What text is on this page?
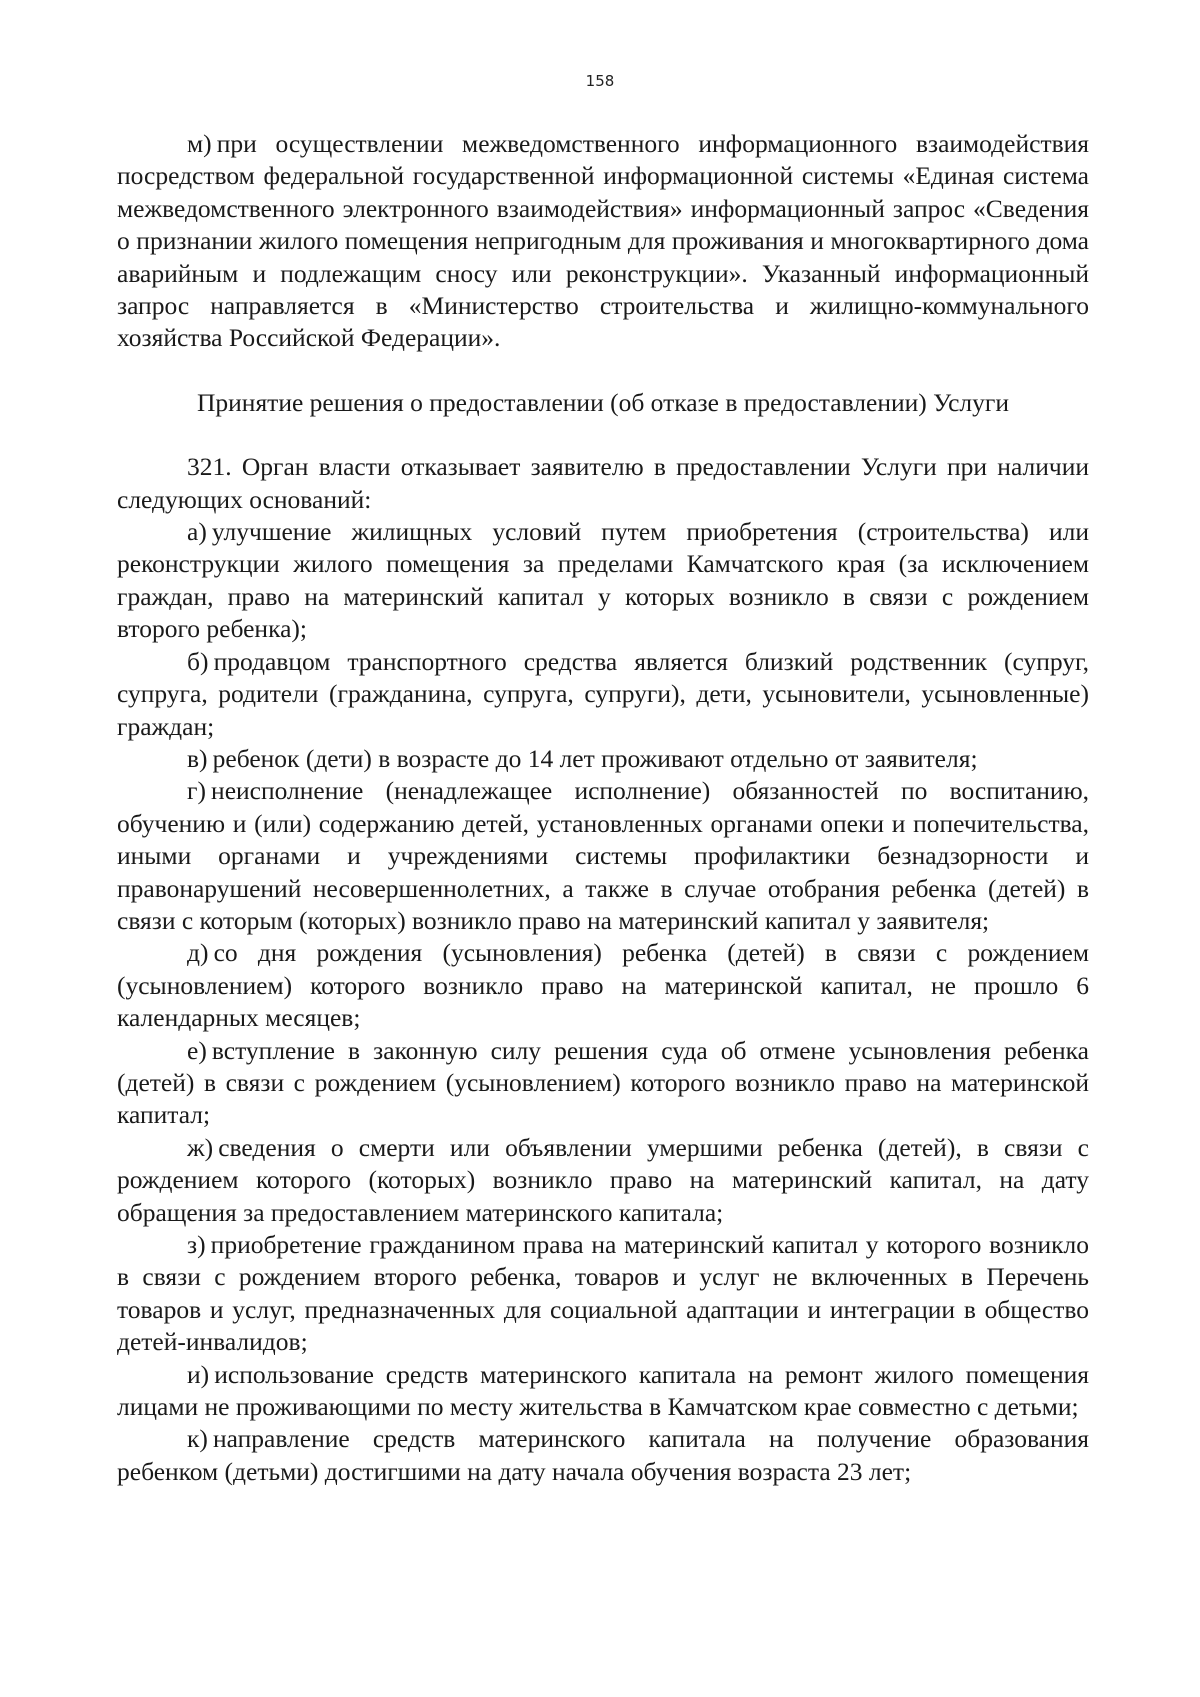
158

м) при осуществлении межведомственного информационного взаимодействия посредством федеральной государственной информационной системы «Единая система межведомственного электронного взаимодействия» информационный запрос «Сведения о признании жилого помещения непригодным для проживания и многоквартирного дома аварийным и подлежащим сносу или реконструкции». Указанный информационный запрос направляется в «Министерство строительства и жилищно-коммунального хозяйства Российской Федерации».

Принятие решения о предоставлении (об отказе в предоставлении) Услуги

321. Орган власти отказывает заявителю в предоставлении Услуги при наличии следующих оснований:

а) улучшение жилищных условий путем приобретения (строительства) или реконструкции жилого помещения за пределами Камчатского края (за исключением граждан, право на материнский капитал у которых возникло в связи с рождением второго ребенка);

б) продавцом транспортного средства является близкий родственник (супруг, супруга, родители (гражданина, супруга, супруги), дети, усыновители, усыновленные) граждан;

в) ребенок (дети) в возрасте до 14 лет проживают отдельно от заявителя;

г) неисполнение (ненадлежащее исполнение) обязанностей по воспитанию, обучению и (или) содержанию детей, установленных органами опеки и попечительства, иными органами и учреждениями системы профилактики безнадзорности и правонарушений несовершеннолетних, а также в случае отобрания ребенка (детей) в связи с которым (которых) возникло право на материнский капитал у заявителя;

д) со дня рождения (усыновления) ребенка (детей) в связи с рождением (усыновлением) которого возникло право на материнской капитал, не прошло 6 календарных месяцев;

е) вступление в законную силу решения суда об отмене усыновления ребенка (детей) в связи с рождением (усыновлением) которого возникло право на материнской капитал;

ж) сведения о смерти или объявлении умершими ребенка (детей), в связи с рождением которого (которых) возникло право на материнский капитал, на дату обращения за предоставлением материнского капитала;

з) приобретение гражданином права на материнский капитал у которого возникло в связи с рождением второго ребенка, товаров и услуг не включенных в Перечень товаров и услуг, предназначенных для социальной адаптации и интеграции в общество детей-инвалидов;

и) использование средств материнского капитала на ремонт жилого помещения лицами не проживающими по месту жительства в Камчатском крае совместно с детьми;

к) направление средств материнского капитала на получение образования ребенком (детьми) достигшими на дату начала обучения возраста 23 лет;
